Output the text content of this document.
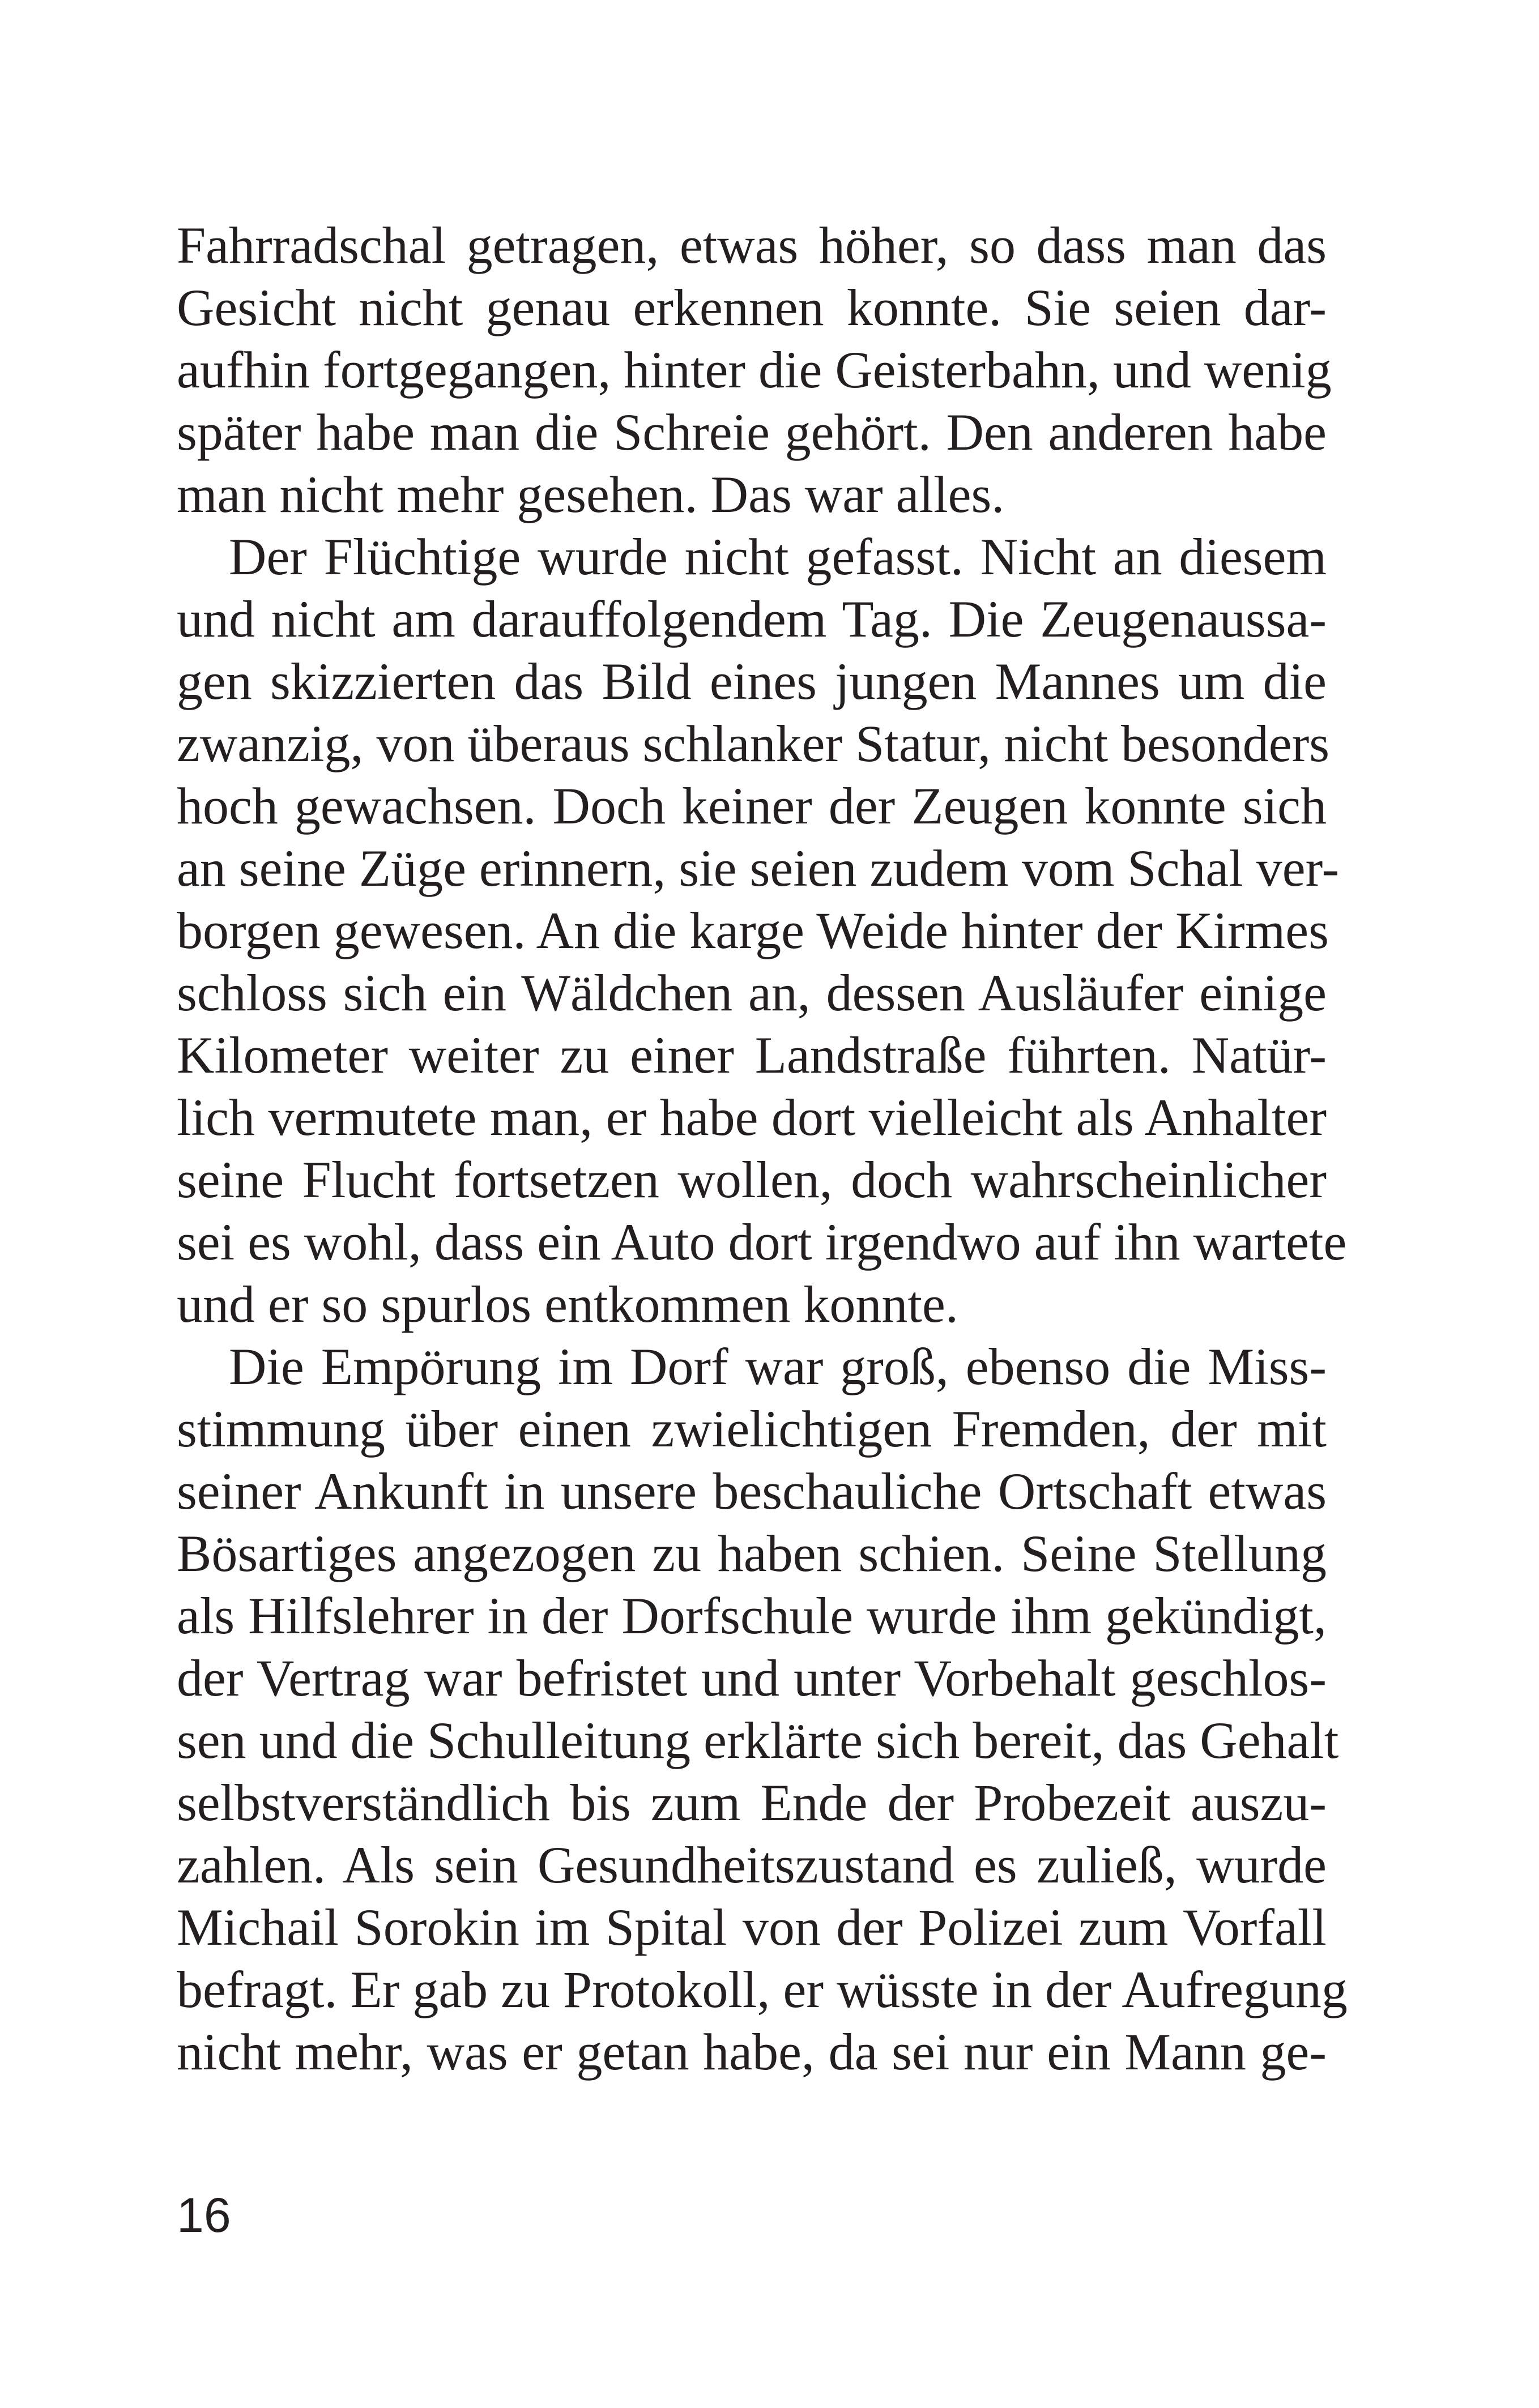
Fahrradschal getragen, etwas höher, so dass man das
Gesicht nicht genau erkennen konnte. Sie seien dar-
aufhin fortgegangen, hinter die Geisterbahn, und wenig
später habe man die Schreie gehört. Den anderen habe
man nicht mehr gesehen. Das war alles.
Der Flüchtige wurde nicht gefasst. Nicht an diesem
und nicht am darauffolgendem Tag. Die Zeugenaussa-
gen skizzierten das Bild eines jungen Mannes um die
zwanzig, von überaus schlanker Statur, nicht besonders
hoch gewachsen. Doch keiner der Zeugen konnte sich
an seine Züge erinnern, sie seien zudem vom Schal ver-
borgen gewesen. An die karge Weide hinter der Kirmes
schloss sich ein Wäldchen an, dessen Ausläufer einige
Kilometer weiter zu einer Landstraße führten. Natür-
lich vermutete man, er habe dort vielleicht als Anhalter
seine Flucht fortsetzen wollen, doch wahrscheinlicher
sei es wohl, dass ein Auto dort irgendwo auf ihn wartete
und er so spurlos entkommen konnte.
Die Empörung im Dorf war groß, ebenso die Miss-
stimmung über einen zwielichtigen Fremden, der mit
seiner Ankunft in unsere beschauliche Ortschaft etwas
Bösartiges angezogen zu haben schien. Seine Stellung
als Hilfslehrer in der Dorfschule wurde ihm gekündigt,
der Vertrag war befristet und unter Vorbehalt geschlos-
sen und die Schulleitung erklärte sich bereit, das Gehalt
selbstverständlich bis zum Ende der Probezeit auszu-
zahlen. Als sein Gesundheitszustand es zuließ, wurde
Michail Sorokin im Spital von der Polizei zum Vorfall
befragt. Er gab zu Protokoll, er wüsste in der Aufregung
nicht mehr, was er getan habe, da sei nur ein Mann ge-
16
